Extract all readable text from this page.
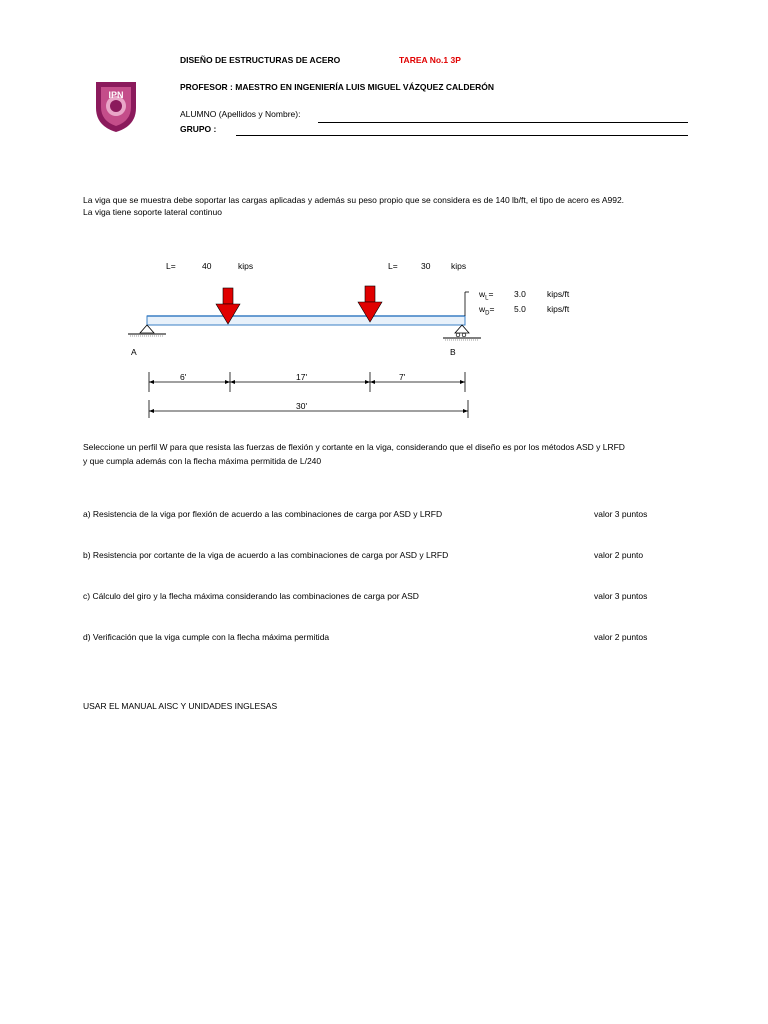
DISEÑO DE ESTRUCTURAS DE ACERO	TAREA No.1 3P
PROFESOR : MAESTRO EN INGENIERÍA LUIS MIGUEL VÁZQUEZ CALDERÓN
ALUMNO (Apellidos y Nombre):
GRUPO :
IPN
La viga que se muestra debe soportar las cargas aplicadas y además su peso propio que se considera es de 140 lb/ft, el tipo de acero es A992.
La viga tiene soporte lateral continuo
L=	40	kips	L=	30 kips
$w_L= 3.0$ kips/ft
$w_D= 5.0$ kips/ft
A	B
6'	17'	7'
30'
Seleccione un perfil W para que resista las fuerzas de flexión y cortante en la viga, considerando que el diseño es por los métodos ASD y LRFD
y que cumpla además con la flecha máxima permitida de L/240
a) Resistencia de la viga por flexión de acuerdo a las combinaciones de carga por ASD y LRFD	valor 3 puntos
b) Resistencia por cortante de la viga de acuerdo a las combinaciones de carga por ASD y LRFD	valor 2 punto
c) Cálculo del giro y la flecha máxima considerando las combinaciones de carga por ASD	valor 3 puntos
d) Verificación que la viga cumple con la flecha máxima permitida	valor 2 puntos
USAR EL MANUAL AISC Y UNIDADES INGLESAS
